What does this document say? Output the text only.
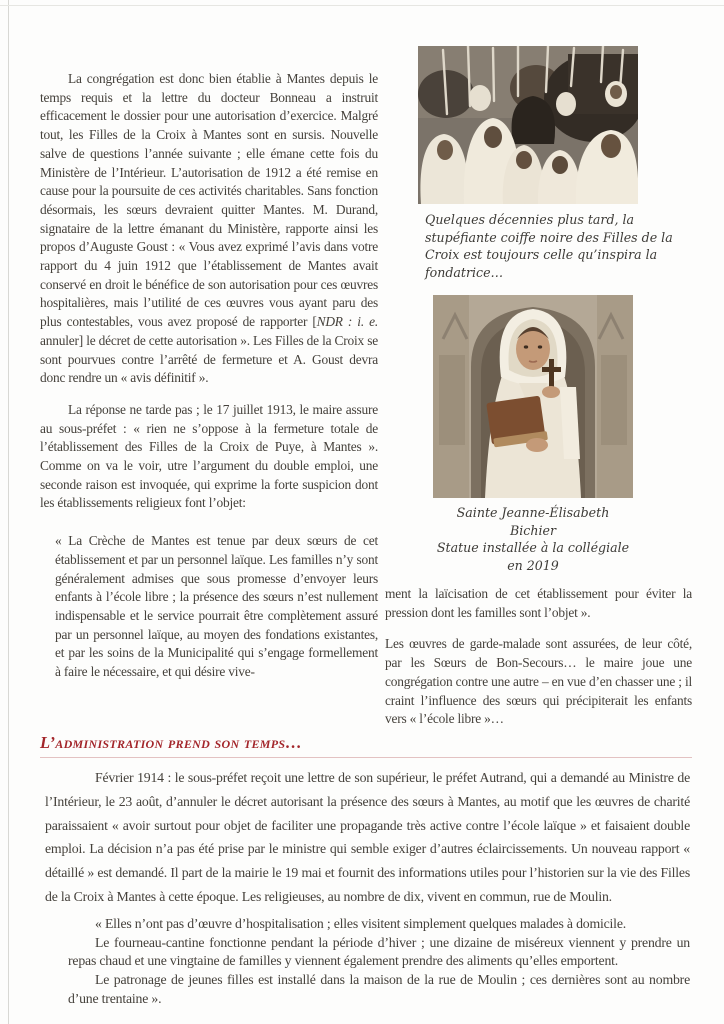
La congrégation est donc bien établie à Mantes depuis le temps requis et la lettre du docteur Bonneau a instruit efficacement le dossier pour une autorisation d’exercice. Malgré tout, les Filles de la Croix à Mantes sont en sursis. Nouvelle salve de questions l’année suivante ; elle émane cette fois du Ministère de l’Intérieur. L’autorisation de 1912 a été remise en cause pour la poursuite de ces activités charitables. Sans fonction désormais, les sœurs devraient quitter Mantes. M. Durand, signataire de la lettre émanant du Ministère, rapporte ainsi les propos d’Auguste Goust : « Vous avez exprimé l’avis dans votre rapport du 4 juin 1912 que l’établissement de Mantes avait conservé en droit le bénéfice de son autorisation pour ces œuvres hospitalières, mais l’utilité de ces œuvres vous ayant paru des plus contestables, vous avez proposé de rapporter [NDR : i. e. annuler] le décret de cette autorisation ». Les Filles de la Croix se sont pourvues contre l’arrêté de fermeture et A. Goust devra donc rendre un « avis définitif ».

La réponse ne tarde pas ; le 17 juillet 1913, le maire assure au sous-préfet : « rien ne s’oppose à la fermeture totale de l’établissement des Filles de la Croix de Puye, à Mantes ». Comme on va le voir, utre l’argument du double emploi, une seconde raison est invoquée, qui exprime la forte suspicion dont les établissements religieux font l’objet:

« La Crèche de Mantes est tenue par deux sœurs de cet établissement et par un personnel laïque. Les familles n’y sont généralement admises que sous promesse d’envoyer leurs enfants à l’école libre ; la présence des sœurs n’est nullement indispensable et le service pourrait être complètement assuré par un personnel laïque, au moyen des fondations existantes, et par les soins de la Municipalité qui s’engage formellement à faire le nécessaire, et qui désire vive-

Quelques décennies plus tard, la stupéfiante coiffe noire des Filles de la Croix est toujours celle qu’inspira la fondatrice…

Sainte Jeanne-Élisabeth Bichier
Statue installée à la collégiale
en 2019

ment la laïcisation de cet établissement pour éviter la pression dont les familles sont l’objet ».

Les œuvres de garde-malade sont assurées, de leur côté, par les Sœurs de Bon-Secours… le maire joue une congrégation contre une autre – en vue d’en chasser une ; il craint l’influence des sœurs qui précipiterait les enfants vers « l’école libre »…

L’administration prend son temps…

Février 1914 : le sous-préfet reçoit une lettre de son supérieur, le préfet Autrand, qui a demandé au Ministre de l’Intérieur, le 23 août, d’annuler le décret autorisant la présence des sœurs à Mantes, au motif que les œuvres de charité paraissaient « avoir surtout pour objet de faciliter une propagande très active contre l’école laïque » et faisaient double emploi. La décision n’a pas été prise par le ministre qui semble exiger d’autres éclaircissements. Un nouveau rapport « détaillé » est demandé. Il part de la mairie le 19 mai et fournit des informations utiles pour l’historien sur la vie des Filles de la Croix à Mantes à cette époque. Les religieuses, au nombre de dix, vivent en commun, rue de Moulin.

« Elles n’ont pas d’œuvre d’hospitalisation ; elles visitent simplement quelques malades à domicile.

Le fourneau-cantine fonctionne pendant la période d’hiver ; une dizaine de miséreux viennent y prendre un repas chaud et une vingtaine de familles y viennent également prendre des aliments qu’elles emportent.

Le patronage de jeunes filles est installé dans la maison de la rue de Moulin ; ces dernières sont au nombre d’une trentaine ».
